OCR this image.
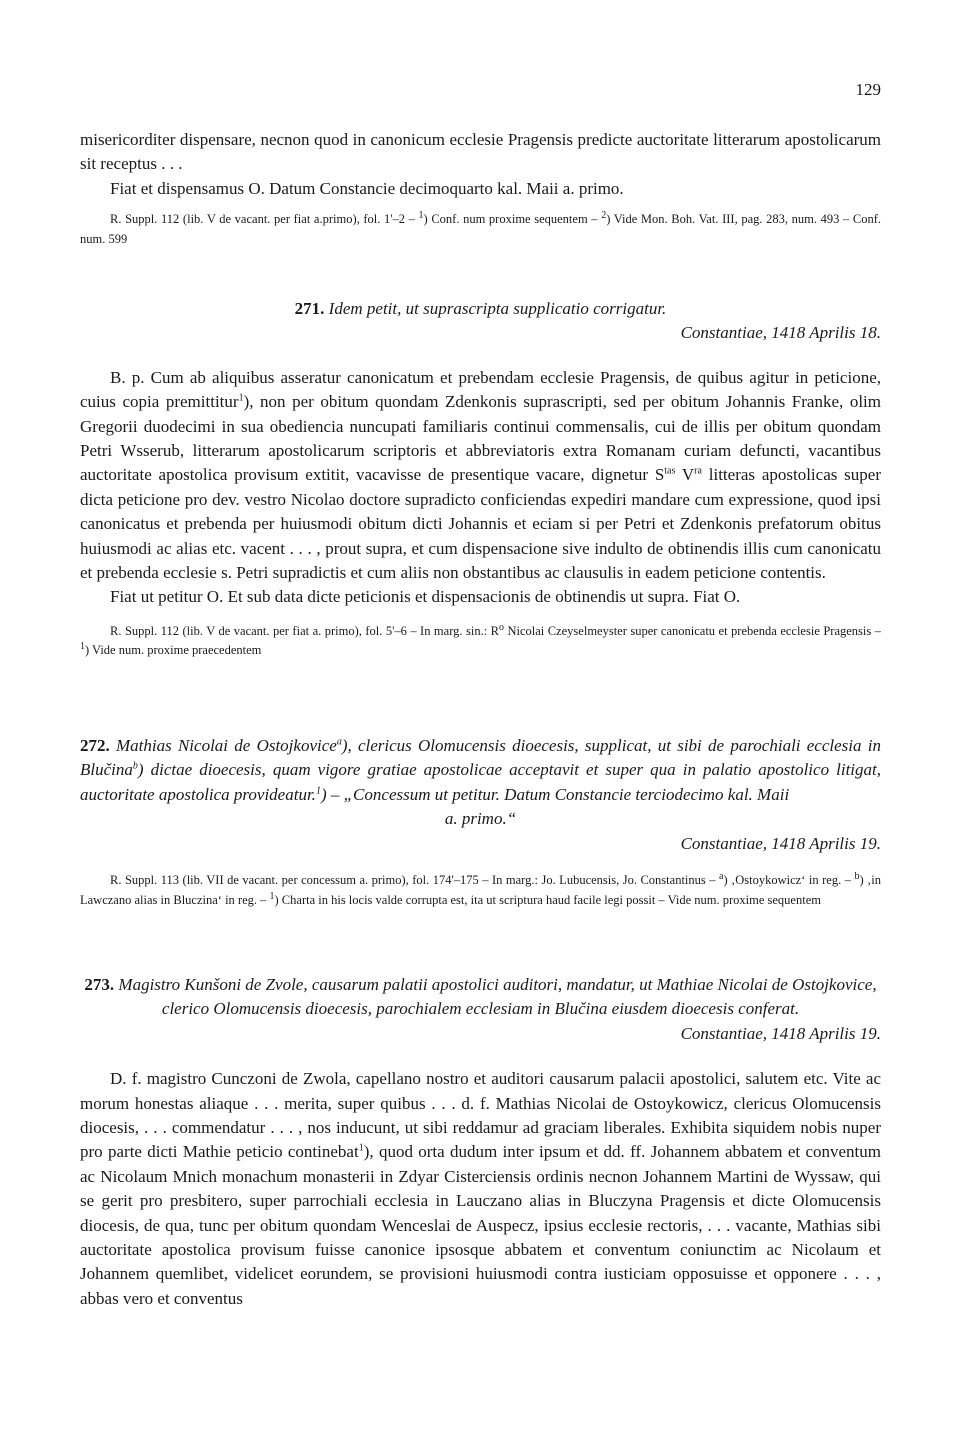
129

misericorditer dispensare, necnon quod in canonicum ecclesie Pragensis predicte auctoritate litterarum apostolicarum sit receptus . . .

Fiat et dispensamus O. Datum Constancie decimoquarto kal. Maii a. primo.

R. Suppl. 112 (lib. V de vacant. per fiat a.primo), fol. 1'–2 – $^1$) Conf. num proxime sequentem – $^2$) Vide Mon. Boh. Vat. III, pag. 283, num. 493 – Conf. num. 599

271. Idem petit, ut suprascripta supplicatio corrigatur.

Constantiae, 1418 Aprilis 18.

B. p. Cum ab aliquibus asseratur canonicatum et prebendam ecclesie Pragensis, de quibus agitur in peticione, cuius copia premittitur$^1$), non per obitum quondam Zdenkonis suprascripti, sed per obitum Johannis Franke, olim Gregorii duodecimi in sua obediencia nuncupati familiaris continui commensalis, cui de illis per obitum quondam Petri Wsserub, litterarum apostolicarum scriptoris et abbreviatoris extra Romanam curiam defuncti, vacantibus auctoritate apostolica provisum extitit, vacavisse de presentique vacare, dignetur $S^{tas}$ $V^{ra}$ litteras apostolicas super dicta peticione pro dev. vestro Nicolao doctore supradicto conficiendas expediri mandare cum expressione, quod ipsi canonicatus et prebenda per huiusmodi obitum dicti Johannis et eciam si per Petri et Zdenkonis prefatorum obitus huiusmodi ac alias etc. vacent . . . , prout supra, et cum dispensacione sive indulto de obtinendis illis cum canonicatu et prebenda ecclesie s. Petri supradictis et cum aliis non obstantibus ac clausulis in eadem peticione contentis.

Fiat ut petitur O. Et sub data dicte peticionis et dispensacionis de obtinendis ut supra. Fiat O.

R. Suppl. 112 (lib. V de vacant. per fiat a. primo), fol. 5'–6 – In marg. sin.: $R^o$ Nicolai Czeyselmeyster super canonicatu et prebenda ecclesie Pragensis – $^1$) Vide num. proxime praecedentem

272. Mathias Nicolai de Ostojkovice$^a$), clericus Olomucensis dioecesis, supplicat, ut sibi de parochiali ecclesia in Blučina$^b$) dictae dioecesis, quam vigore gratiae apostolicae acceptavit et super qua in palatio apostolico litigat, auctoritate apostolica provideatur.$^1$) – „Concessum ut petitur. Datum Constancie terciodecimo kal. Maii

a. primo.“

Constantiae, 1418 Aprilis 19.

R. Suppl. 113 (lib. VII de vacant. per concessum a. primo), fol. 174'–175 – In marg.: Jo. Lubucensis, Jo. Constantinus – $^a$) ‚Ostoykowicz‘ in reg. – $^b$) ‚in Lawczano alias in Bluczina‘ in reg. – $^1$) Charta in his locis valde corrupta est, ita ut scriptura haud facile legi possit – Vide num. proxime sequentem

273. Magistro Kunšoni de Zvole, causarum palatii apostolici auditori, mandatur, ut Mathiae Nicolai de Ostojkovice, clerico Olomucensis dioecesis, parochialem ecclesiam in Blučina eiusdem dioecesis conferat.

Constantiae, 1418 Aprilis 19.

D. f. magistro Cunczoni de Zwola, capellano nostro et auditori causarum palacii apostolici, salutem etc. Vite ac morum honestas aliaque . . . merita, super quibus . . . d. f. Mathias Nicolai de Ostoykowicz, clericus Olomucensis diocesis, . . . commendatur . . . , nos inducunt, ut sibi reddamur ad graciam liberales. Exhibita siquidem nobis nuper pro parte dicti Mathie peticio continebat$^1$), quod orta dudum inter ipsum et dd. ff. Johannem abbatem et conventum ac Nicolaum Mnich monachum monasterii in Zdyar Cisterciensis ordinis necnon Johannem Martini de Wyssaw, qui se gerit pro presbitero, super parrochiali ecclesia in Lauczano alias in Bluczyna Pragensis et dicte Olomucensis diocesis, de qua, tunc per obitum quondam Wenceslai de Auspecz, ipsius ecclesie rectoris, . . . vacante, Mathias sibi auctoritate apostolica provisum fuisse canonice ipsosque abbatem et conventum coniunctim ac Nicolaum et Johannem quemlibet, videlicet eorundem, se provisioni huiusmodi contra iusticiam opposuisse et opponere . . . , abbas vero et conventus
